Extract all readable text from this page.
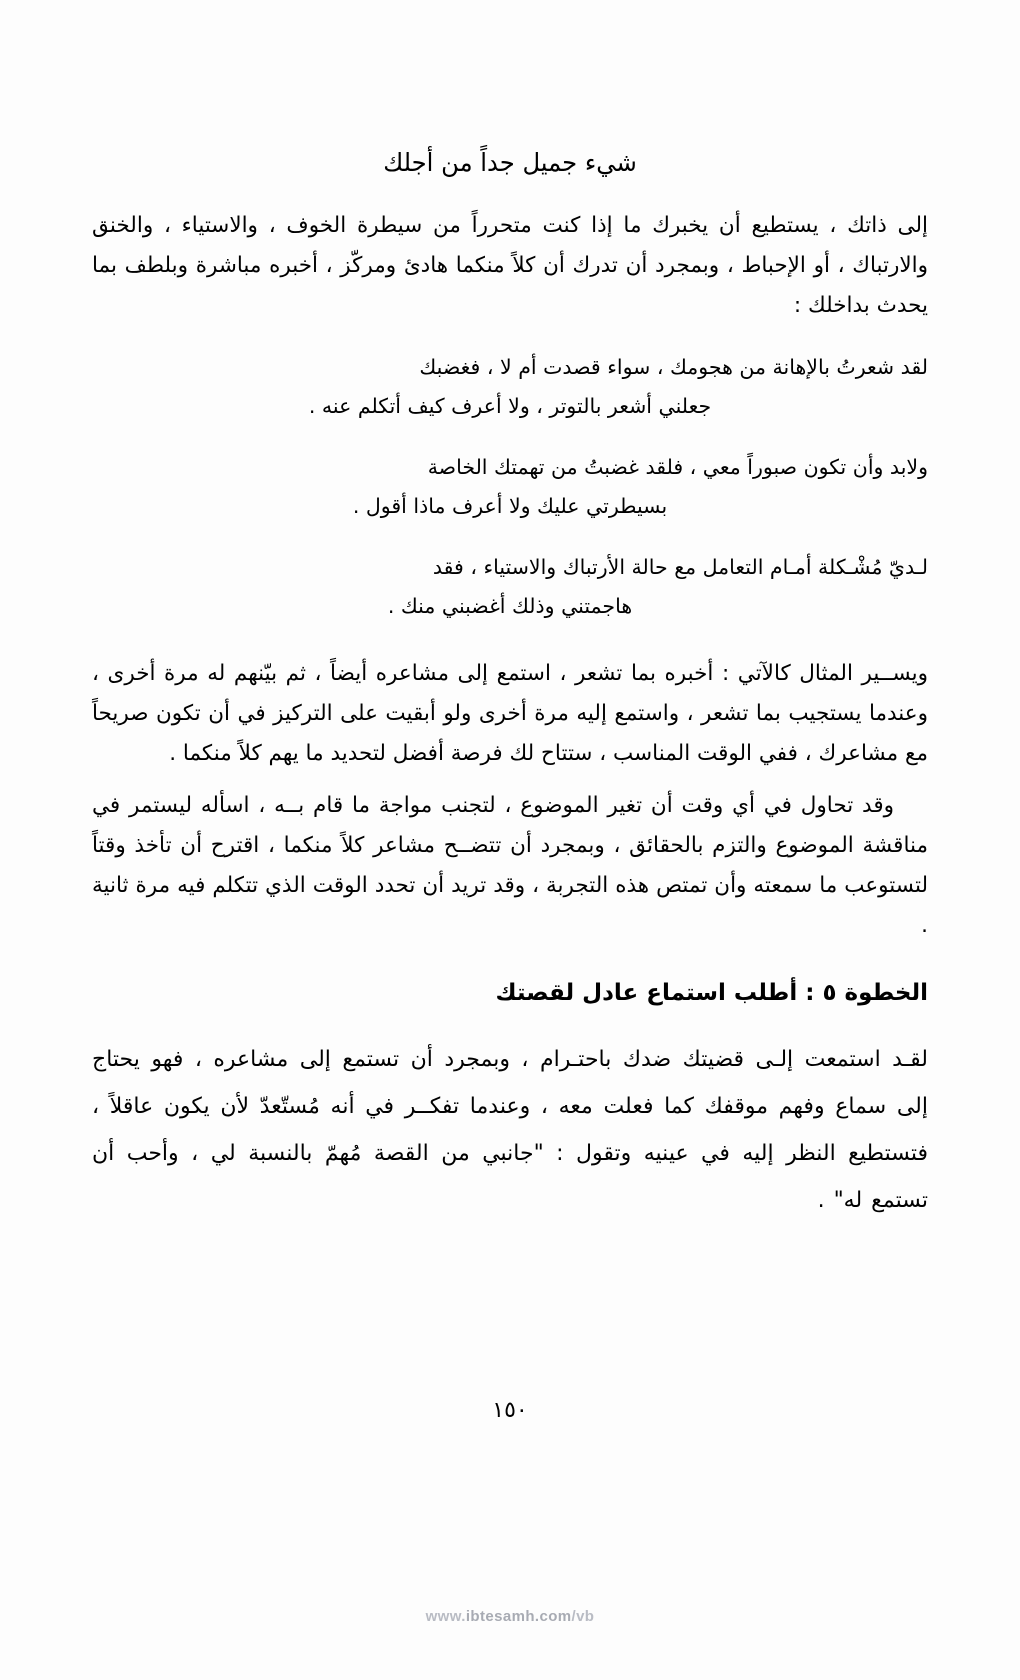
شيء جميل جداً من أجلك

إلى ذاتك ، يستطيع أن يخبرك ما إذا كنت متحرراً من سيطرة الخوف ، والاستياء ، والخنق والارتباك ، أو الإحباط ، وبمجرد أن تدرك أن كلاً منكما هادئ ومركّز ، أخبره مباشرة وبلطف بما يحدث بداخلك :

لقد شعرتُ بالإهانة من هجومك ، سواء قصدت أم لا ، فغضبك
جعلني أشعر بالتوتر ، ولا أعرف كيف أتكلم عنه .
ولابد وأن تكون صبوراً معي ، فلقد غضبتُ من تهمتك الخاصة
بسيطرتي عليك ولا أعرف ماذا أقول .
لـديّ مُشْـكلة أمـام التعامل مع حالة الأرتباك والاستياء ، فقد
هاجمتني وذلك أغضبني منك .

ويســير المثال كالآتي : أخبره بما تشعر ، استمع إلى مشاعره أيضاً ، ثم بيّنهم له مرة أخرى ، وعندما يستجيب بما تشعر ، واستمع إليه مرة أخرى ولو أبقيت على التركيز في أن تكون صريحاً مع مشاعرك ، ففي الوقت المناسب ، ستتاح لك فرصة أفضل لتحديد ما يهم كلاً منكما .

وقد تحاول في أي وقت أن تغير الموضوع ، لتجنب مواجة ما قام بــه ، اسأله ليستمر في مناقشة الموضوع والتزم بالحقائق ، وبمجرد أن تتضــح مشاعر كلاً منكما ، اقترح أن تأخذ وقتاً لتستوعب ما سمعته وأن تمتص هذه التجربة ، وقد تريد أن تحدد الوقت الذي تتكلم فيه مرة ثانية .

الخطوة ٥ : أطلب استماع عادل لقصتك

لقـد استمعت إلـى قضيتك ضدك باحتـرام ، وبمجرد أن تستمع إلى مشاعره ، فهو يحتاج إلى سماع وفهم موقفك كما فعلت معه ، وعندما تفكــر في أنه مُستّعدّ لأن يكون عاقلاً ، فتستطيع النظر إليه في عينيه وتقول : "جانبي من القصة مُهمّ بالنسبة لي ، وأحب أن تستمع له" .

١٥٠
www.ibtesamh.com/vb
